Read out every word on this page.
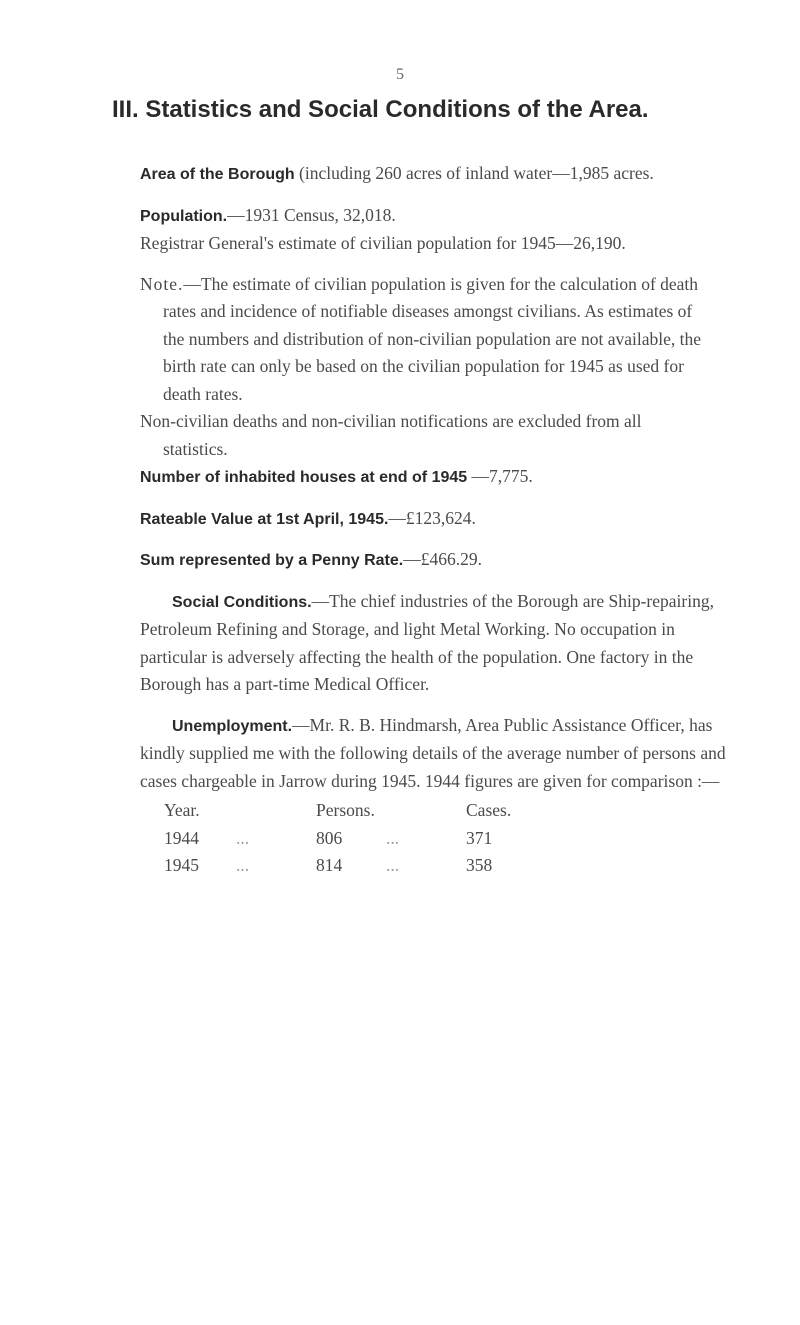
5
III. Statistics and Social Conditions of the Area.

Area of the Borough (including 260 acres of inland water—1,985 acres.

Population.—1931 Census, 32,018.

Registrar General's estimate of civilian population for 1945—26,190.

Note.—The estimate of civilian population is given for the calculation of death rates and incidence of notifiable diseases amongst civilians. As estimates of the numbers and distribution of non-civilian population are not available, the birth rate can only be based on the civilian population for 1945 as used for death rates.

Non-civilian deaths and non-civilian notifications are excluded from all statistics.

Number of inhabited houses at end of 1945 —7,775.

Rateable Value at 1st April, 1945.—£123,624.

Sum represented by a Penny Rate.—£466.29.

Social Conditions.—The chief industries of the Borough are Ship-repairing, Petroleum Refining and Storage, and light Metal Working. No occupation in particular is adversely affecting the health of the population. One factory in the Borough has a part-time Medical Officer.

Unemployment.—Mr. R. B. Hindmarsh, Area Public Assistance Officer, has kindly supplied me with the following details of the average number of persons and cases chargeable in Jarrow during 1945. 1944 figures are given for comparison :—

Year.		Persons.		Cases.
1944	...	806	...	371
1945	...	814	...	358
